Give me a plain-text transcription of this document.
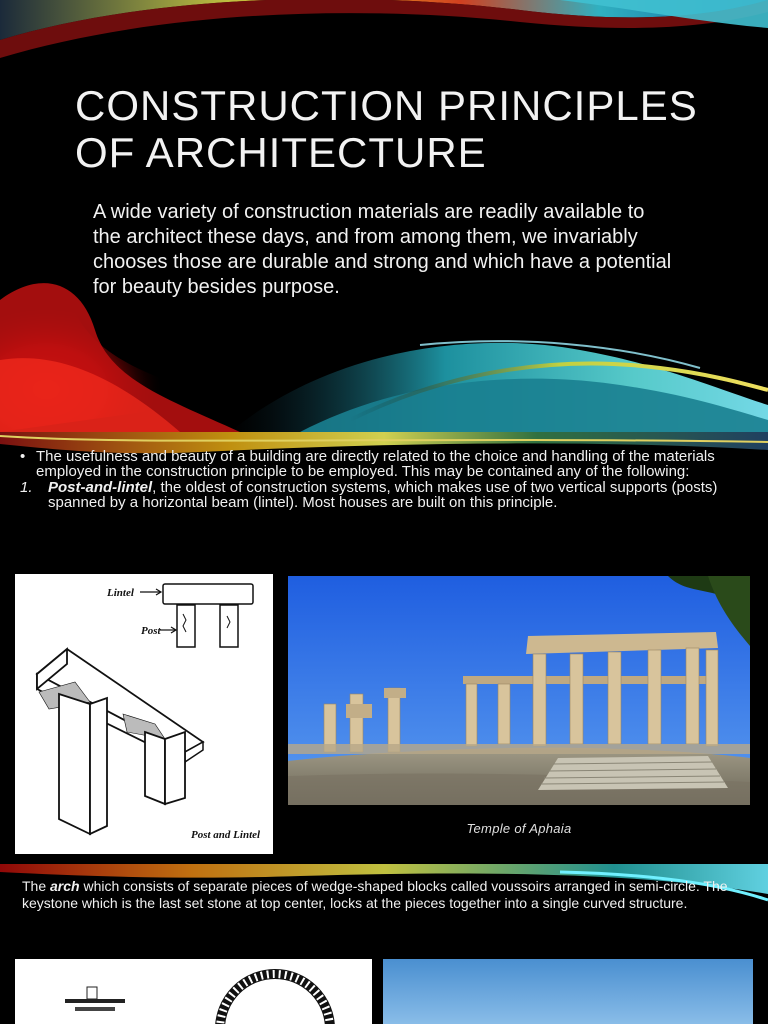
CONSTRUCTION PRINCIPLES OF ARCHITECTURE

A wide variety of construction materials are readily available to the architect these days, and from among them, we invariably chooses those are durable and strong and which have a potential for beauty besides purpose.

• The usefulness and beauty of a building are directly related to the choice and handling of the materials employed in the construction principle to be employed. This may be contained any of the following:
1. Post-and-lintel, the oldest of construction systems, which makes use of two vertical supports (posts) spanned by a horizontal beam (lintel). Most houses are built on this principle.
Lintel
Post
Post and Lintel	Temple of Aphaia
The arch which consists of separate pieces of wedge-shaped blocks called voussoirs arranged in semi-circle. The keystone which is the last set stone at top center, locks at the pieces together into a single curved structure.
